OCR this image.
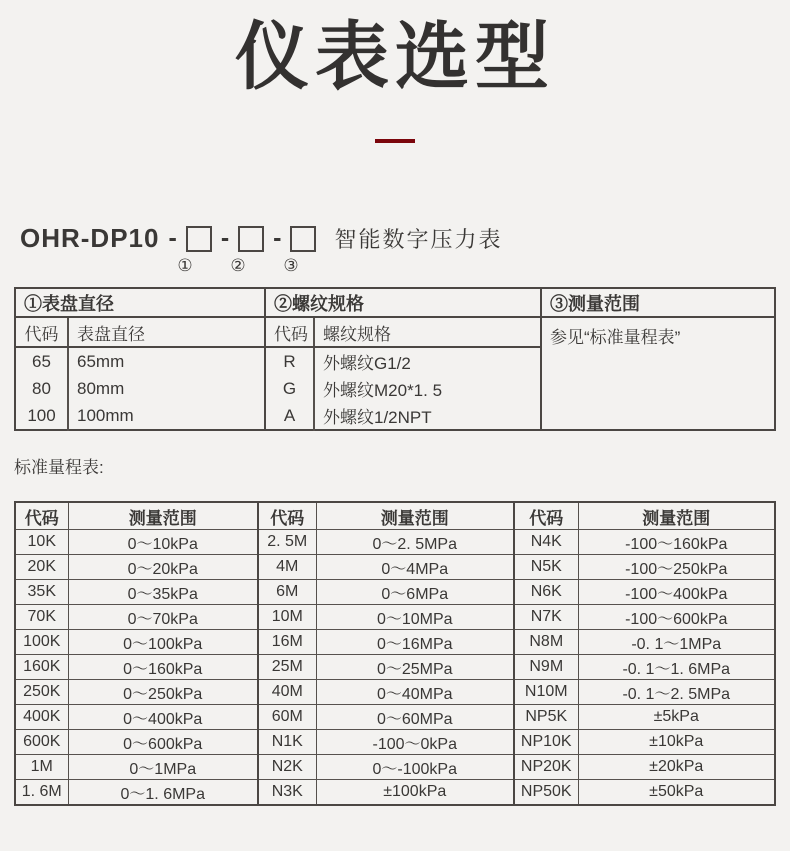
仪表选型
OHR-DP10 - - - 智能数字压力表
①	②	③
①表盘直径		②螺纹规格		③测量范围
代码	表盘直径	代码	螺纹规格	参见“标准量程表”
65	65mm	R	外螺纹G1/2	
80	80mm	G	外螺纹M20*1. 5	
100	100mm	A	外螺纹1/2NPT	
标准量程表:
代码	测量范围	代码	测量范围	代码	测量范围
10K	0～10kPa	2. 5M	0～2. 5MPa	N4K	-100～160kPa
20K	0～20kPa	4M	0～4MPa	N5K	-100～250kPa
35K	0～35kPa	6M	0～6MPa	N6K	-100～400kPa
70K	0～70kPa	10M	0～10MPa	N7K	-100～600kPa
100K	0～100kPa	16M	0～16MPa	N8M	-0. 1～1MPa
160K	0～160kPa	25M	0～25MPa	N9M	-0. 1～1. 6MPa
250K	0～250kPa	40M	0～40MPa	N10M	-0. 1～2. 5MPa
400K	0～400kPa	60M	0～60MPa	NP5K	±5kPa
600K	0～600kPa	N1K	-100～0kPa	NP10K	±10kPa
1M	0～1MPa	N2K	0～-100kPa	NP20K	±20kPa
1. 6M	0～1. 6MPa	N3K	±100kPa	NP50K	±50kPa
